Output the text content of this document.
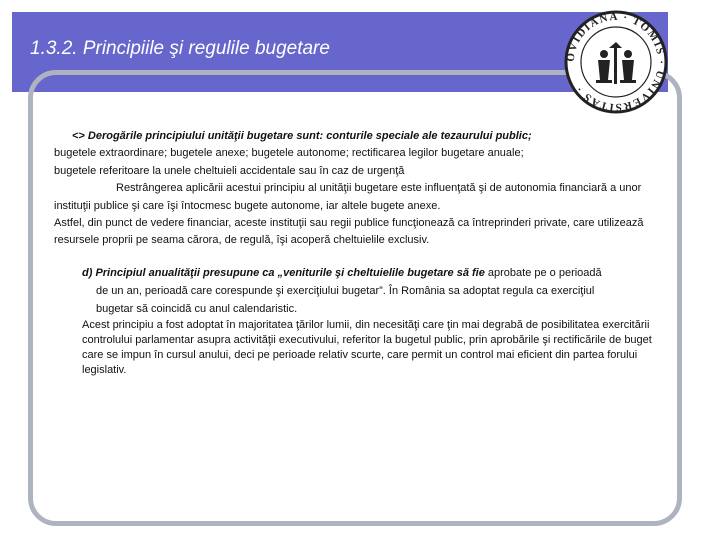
1.3.2. Principiile şi regulile bugetare	OVIDIANA · TOMIS · UNIVERSITAS ·

<> Derogările principiului unităţii bugetare sunt: conturile speciale ale tezaurului public;

bugetele extraordinare; bugetele anexe; bugetele autonome; rectificarea legilor bugetare anuale;

bugetele referitoare la unele cheltuieli accidentale sau în caz de urgenţă

Restrângerea aplicării acestui principiu al unităţii bugetare este influenţată şi de autonomia financiară a unor instituţii publice şi care îşi întocmesc bugete autonome, iar altele bugete anexe.

Astfel, din punct de vedere financiar, aceste instituţii sau regii publice funcţionează ca întreprinderi private, care utilizează resursele proprii pe seama cărora, de regulă, îşi acoperă cheltuielile exclusiv.

d) Principiul anualităţii presupune ca „veniturile şi cheltuielile bugetare să fie aprobate pe o perioadă

de un an, perioadă care corespunde şi exerciţiului bugetar”. În România sa adoptat regula ca exerciţiul

bugetar să coincidă cu anul calendaristic.

Acest principiu a fost adoptat în majoritatea ţărilor lumii, din necesităţi care ţin mai degrabă de posibilitatea exercitării controlului parlamentar asupra activităţii executivului, referitor la bugetul public, prin aprobările şi rectificările de buget care se impun în cursul anului, deci pe perioade relativ scurte, care permit un control mai eficient din partea forului legislativ.
